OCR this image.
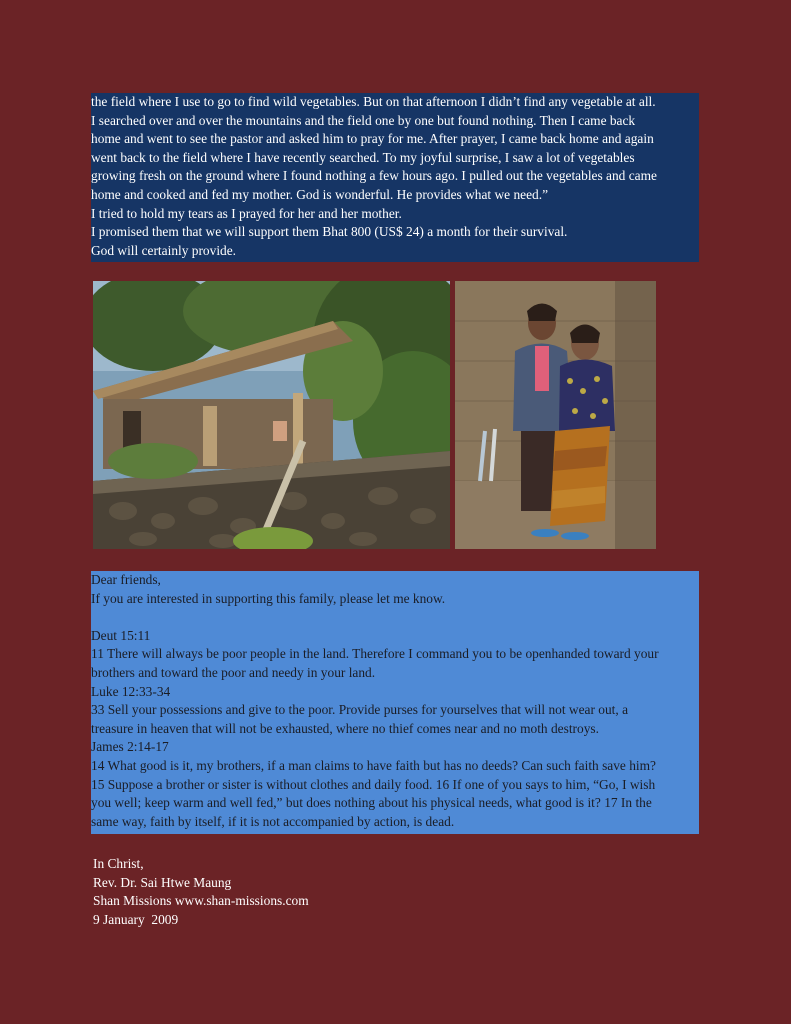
the field where I use to go to find wild vegetables. But on that afternoon I didn’t find any vegetable at all.

I searched over and over the mountains and the field one by one but found nothing. Then I came back

home and went to see the pastor and asked him to pray for me. After prayer, I came back home and again

went back to the field where I have recently searched. To my joyful surprise, I saw a lot of vegetables

growing fresh on the ground where I found nothing a few hours ago. I pulled out the vegetables and came

home and cooked and fed my mother. God is wonderful. He provides what we need.”

I tried to hold my tears as I prayed for her and her mother.

I promised them that we will support them Bhat 800 (US$ 24) a month for their survival.

God will certainly provide.

Dear friends,

If you are interested in supporting this family, please let me know.

Deut 15:11

11 There will always be poor people in the land. Therefore I command you to be openhanded toward your

brothers and toward the poor and needy in your land.

Luke 12:33-34

33 Sell your possessions and give to the poor. Provide purses for yourselves that will not wear out, a

treasure in heaven that will not be exhausted, where no thief comes near and no moth destroys.

James 2:14-17

14 What good is it, my brothers, if a man claims to have faith but has no deeds? Can such faith save him?

15 Suppose a brother or sister is without clothes and daily food. 16 If one of you says to him, “Go, I wish

you well; keep warm and well fed,” but does nothing about his physical needs, what good is it? 17 In the

same way, faith by itself, if it is not accompanied by action, is dead.

In Christ,

Rev. Dr. Sai Htwe Maung

Shan Missions www.shan-missions.com

9 January  2009
